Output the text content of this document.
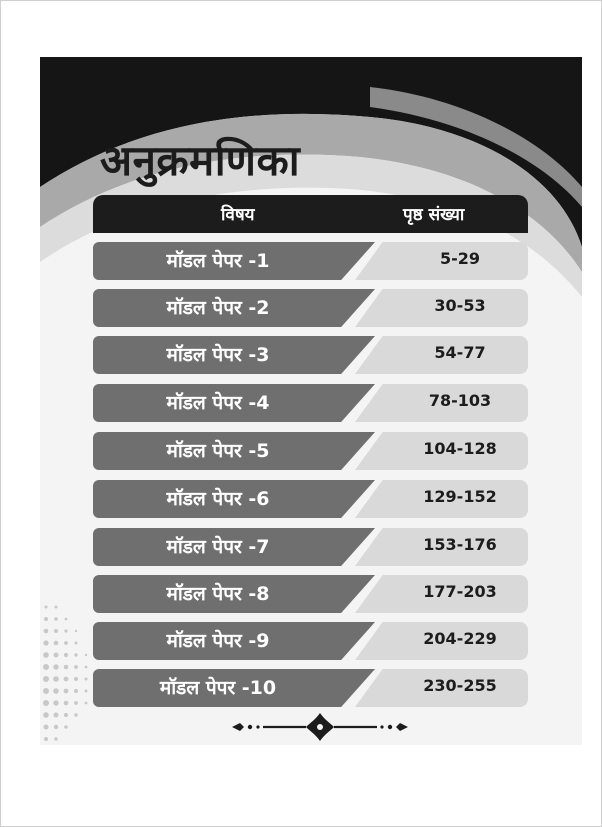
अनुक्रमणिका
विषय	पृष्ठ संख्या
मॉडल पेपर -1	5-29
मॉडल पेपर -2	30-53
मॉडल पेपर -3	54-77
मॉडल पेपर -4	78-103
मॉडल पेपर -5	104-128
मॉडल पेपर -6	129-152
मॉडल पेपर -7	153-176
मॉडल पेपर -8	177-203
मॉडल पेपर -9	204-229
मॉडल पेपर -10	230-255
